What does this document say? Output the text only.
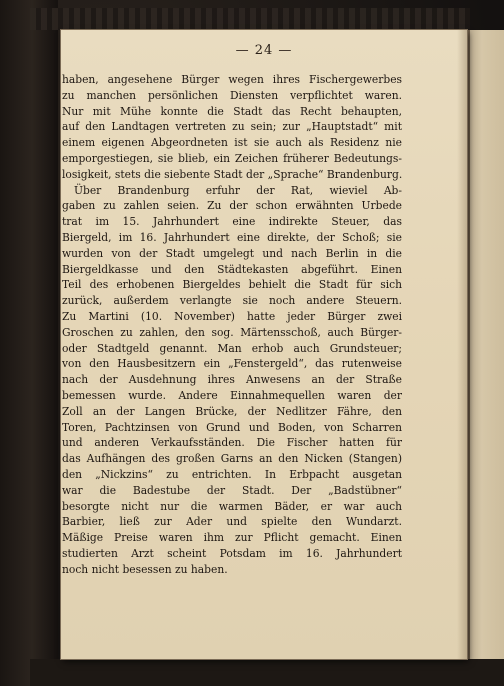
— 24 —
haben, angesehene Bürger wegen ihres Fischergewerbes
zu manchen persönlichen Diensten verpflichtet waren.
Nur mit Mühe konnte die Stadt das Recht behaupten,
auf den Landtagen vertreten zu sein; zur „Hauptstadt“ mit
einem eigenen Abgeordneten ist sie auch als Residenz nie
emporgestiegen, sie blieb, ein Zeichen früherer Bedeutungs-
losigkeit, stets die siebente Stadt der „Sprache“ Brandenburg.
Über Brandenburg erfuhr der Rat, wieviel Ab-
gaben zu zahlen seien. Zu der schon erwähnten Urbede
trat im 15. Jahrhundert eine indirekte Steuer, das
Biergeld, im 16. Jahrhundert eine direkte, der Schoß; sie
wurden von der Stadt umgelegt und nach Berlin in die
Biergeldkasse und den Städtekasten abgeführt. Einen
Teil des erhobenen Biergeldes behielt die Stadt für sich
zurück, außerdem verlangte sie noch andere Steuern.
Zu Martini (10. November) hatte jeder Bürger zwei
Groschen zu zahlen, den sog. Märtensschoß, auch Bürger-
oder Stadtgeld genannt. Man erhob auch Grundsteuer;
von den Hausbesitzern ein „Fenstergeld“, das rutenweise
nach der Ausdehnung ihres Anwesens an der Straße
bemessen wurde. Andere Einnahmequellen waren der
Zoll an der Langen Brücke, der Nedlitzer Fähre, den
Toren, Pachtzinsen von Grund und Boden, von Scharren
und anderen Verkaufsständen. Die Fischer hatten für
das Aufhängen des großen Garns an den Nicken (Stangen)
den „Nickzins“ zu entrichten. In Erbpacht ausgetan
war die Badestube der Stadt. Der „Badstübner“
besorgte nicht nur die warmen Bäder, er war auch
Barbier, ließ zur Ader und spielte den Wundarzt.
Mäßige Preise waren ihm zur Pflicht gemacht. Einen
studierten Arzt scheint Potsdam im 16. Jahrhundert
noch nicht besessen zu haben.
